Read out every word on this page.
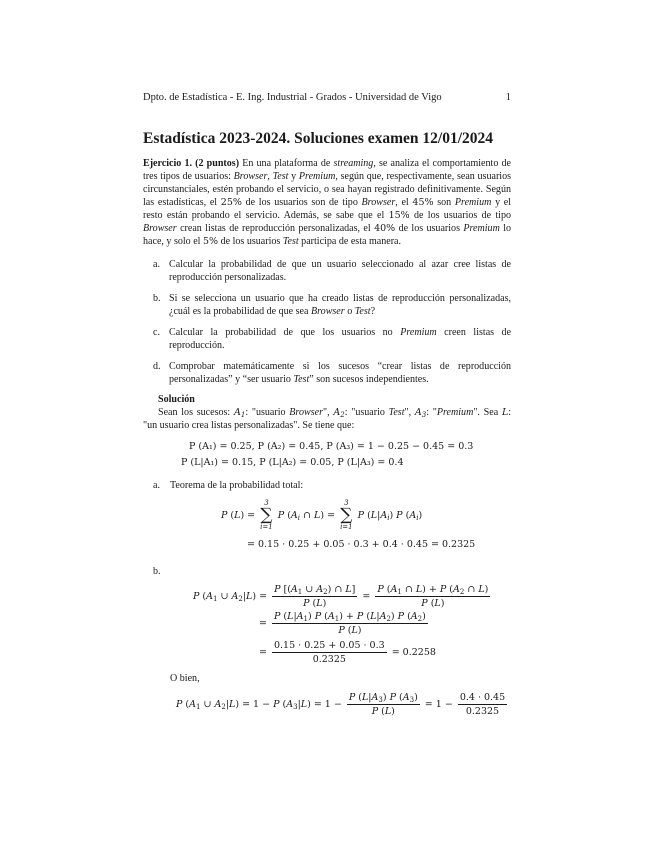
Dpto. de Estadística - E. Ing. Industrial - Grados - Universidad de Vigo	1
Estadística 2023-2024. Soluciones examen 12/01/2024
Ejercicio 1. (2 puntos) En una plataforma de streaming, se analiza el comportamiento de tres tipos de usuarios: Browser, Test y Premium, según que, respectivamente, sean usuarios circunstanciales, estén probando el servicio, o sea hayan registrado definitivamente. Según las estadísticas, el 25% de los usuarios son de tipo Browser, el 45% son Premium y el resto están probando el servicio. Además, se sabe que el 15% de los usuarios de tipo Browser crean listas de reproducción personalizadas, el 40% de los usuarios Premium lo hace, y solo el 5% de los usuarios Test participa de esta manera.
a. Calcular la probabilidad de que un usuario seleccionado al azar cree listas de reproducción personalizadas.
b. Si se selecciona un usuario que ha creado listas de reproducción personalizadas, ¿cuál es la probabilidad de que sea Browser o Test?
c. Calcular la probabilidad de que los usuarios no Premium creen listas de reproducción.
d. Comprobar matemáticamente si los sucesos “crear listas de reproducción personalizadas” y “ser usuario Test” son sucesos independientes.
Solución
Sean los sucesos: $A_1$: "usuario Browser", $A_2$: "usuario Test", $A_3$: "Premium". Sea L: "un usuario crea listas personalizadas". Se tiene que:
P (A₁) = 0.25, P (A₂) = 0.45, P (A₃) = 1 − 0.25 − 0.45 = 0.3
P (L|A₁) = 0.15, P (L|A₂) = 0.05, P (L|A₃) = 0.4
a. Teorema de la probabilidad total:
P (L) =
3
∑
i=1
P ($A_i$ ∩ L) =
3
∑
i=1
P $(L|A_i)$ P $(A_i)$
= 0.15 · 0.25 + 0.05 · 0.3 + 0.4 · 0.45 = 0.2325
b.
P ($A_1$ ∪ $A_2|L) = \frac{P [(A_1 \cup A_2) \cap L]}{P (L)} = \frac{P (A_1 \cap L) + P (A_2 \cap L)}{P (L)}$
= $\frac{P (L|A_1) P (A_1) + P (L|A_2) P (A_2)}{P (L)}$
= $\frac{0.15 \cdot 0.25 + 0.05 \cdot 0.3}{0.2325} = 0.2258$
O bien,
P ($A_1$ ∪ $A_2|L) = 1 - P$ $(A_3|L) = 1 - \frac{P (L|A_3) P (A_3)}{P (L)} = 1 - \frac{0.4 \cdot 0.45}{0.2325}$
